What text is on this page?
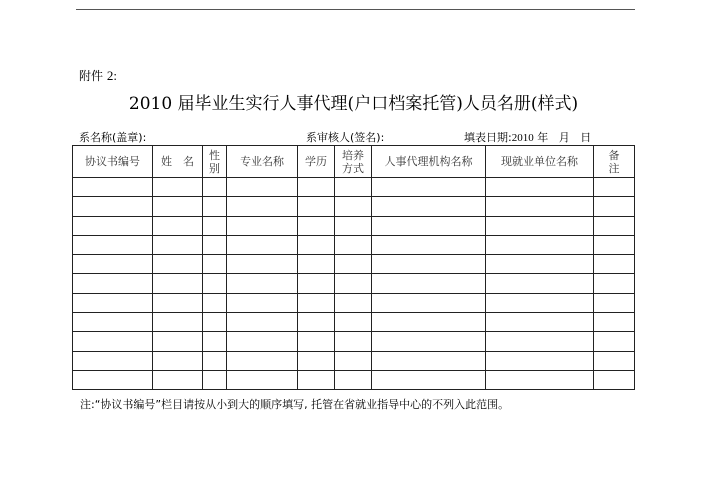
附件 2:
2010 届毕业生实行人事代理(户口档案托管)人员名册(样式)
系名称(盖章):	系审核人(签名):	填表日期:2010 年   月   日
协议书编号	姓　名	性别	专业名称	学历	培养方式	人事代理机构名称	现就业单位名称	备注

注:“协议书编号”栏目请按从小到大的顺序填写, 托管在省就业指导中心的不列入此范围。
